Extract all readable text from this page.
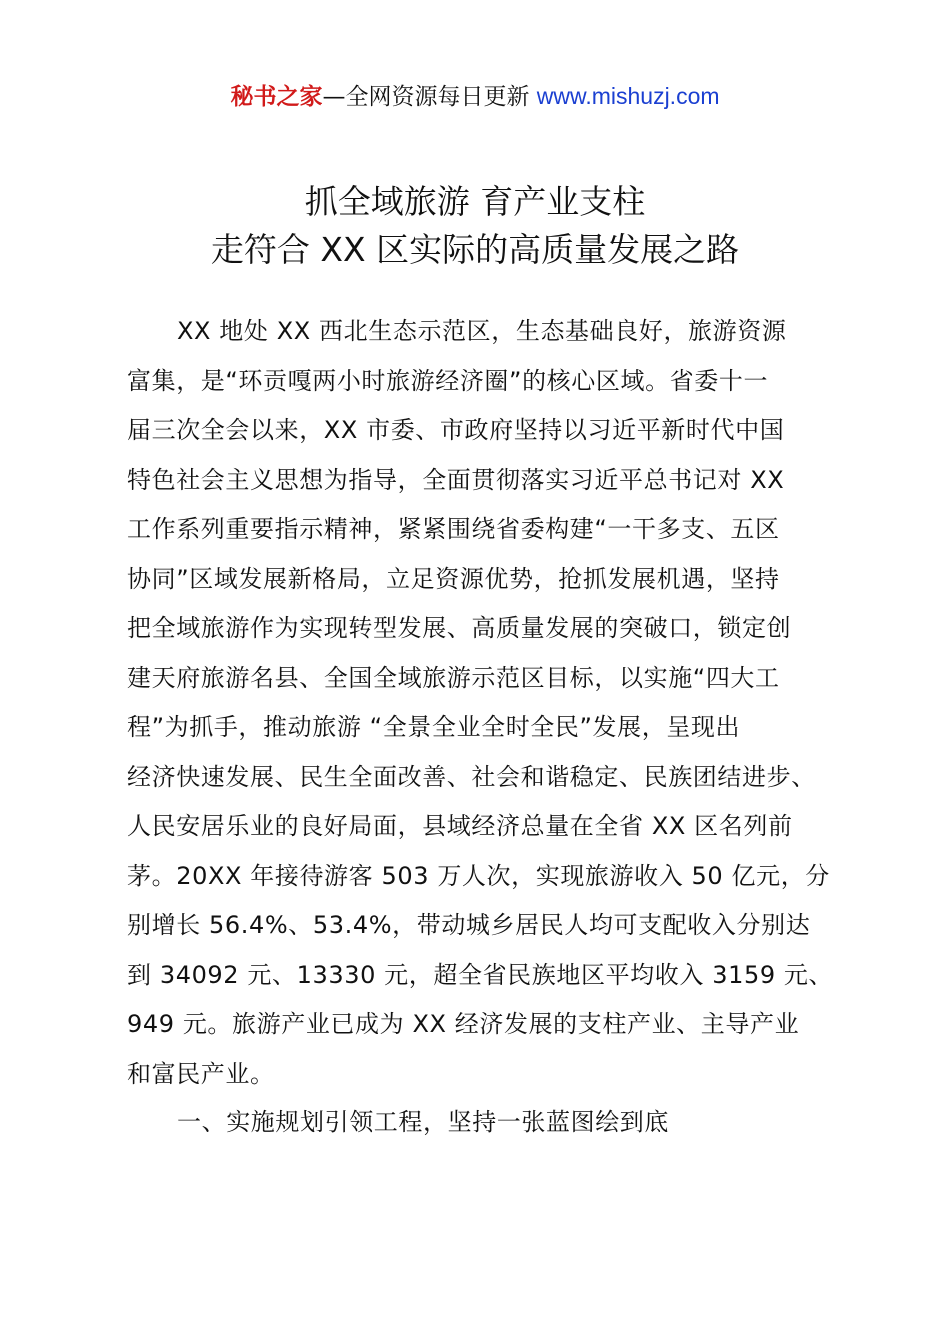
秘书之家—全网资源每日更新 www.mishuzj.com
抓全域旅游 育产业支柱
走符合 XX 区实际的高质量发展之路
XX 地处 XX 西北生态示范区，生态基础良好，旅游资源
富集，是“环贡嘎两小时旅游经济圈”的核心区域。省委十一
届三次全会以来，XX 市委、市政府坚持以习近平新时代中国
特色社会主义思想为指导，全面贯彻落实习近平总书记对 XX
工作系列重要指示精神，紧紧围绕省委构建“一干多支、五区
协同”区域发展新格局，立足资源优势，抢抓发展机遇，坚持
把全域旅游作为实现转型发展、高质量发展的突破口，锁定创
建天府旅游名县、全国全域旅游示范区目标，以实施“四大工
程”为抓手，推动旅游 “全景全业全时全民”发展，呈现出
经济快速发展、民生全面改善、社会和谐稳定、民族团结进步、
人民安居乐业的良好局面，县域经济总量在全省 XX 区名列前
茅。20XX 年接待游客 503 万人次，实现旅游收入 50 亿元，分
别增长 56.4%、53.4%，带动城乡居民人均可支配收入分别达
到 34092 元、13330 元，超全省民族地区平均收入 3159 元、
949 元。旅游产业已成为 XX 经济发展的支柱产业、主导产业
和富民产业。
一、实施规划引领工程，坚持一张蓝图绘到底
